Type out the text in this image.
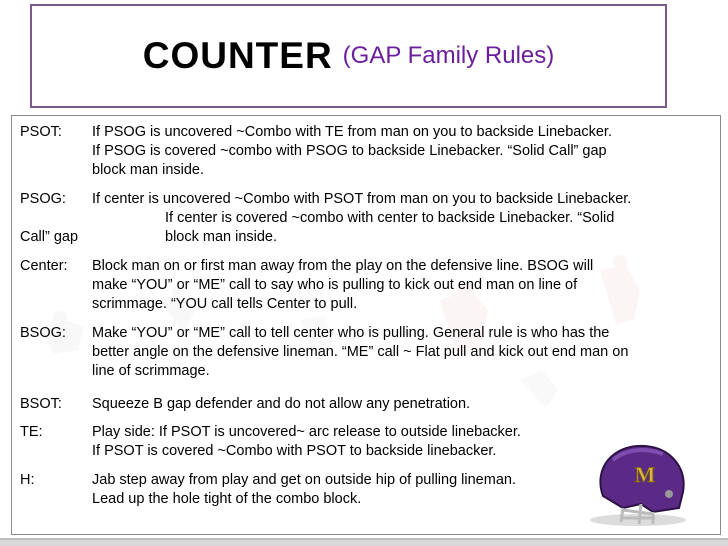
COUNTER (GAP Family Rules)
PSOT: If PSOG is uncovered ~Combo with TE from man on you to backside Linebacker.
If PSOG is covered ~combo with PSOG to backside Linebacker. “Solid Call” gap
block man inside.
PSOG: If center is uncovered ~Combo with PSOT from man on you to backside Linebacker.
If center is covered ~combo with center to backside Linebacker. “Solid
block man inside.
Call” gap
Center: Block man on or first man away from the play on the defensive line. BSOG will
make “YOU” or “ME” call to say who is pulling to kick out end man on line of
scrimmage. “YOU call tells Center to pull.
BSOG: Make “YOU” or “ME” call to tell center who is pulling. General rule is who has the
better angle on the defensive lineman. “ME” call ~ Flat pull and kick out end man on
line of scrimmage.
BSOT: Squeeze B gap defender and do not allow any penetration.
TE:	Play side: If PSOT is uncovered~ arc release to outside linebacker.
If PSOT is covered ~Combo with PSOT to backside linebacker.
H:	Jab step away from play and get on outside hip of pulling lineman.
Lead up the hole tight of the combo block.
M
